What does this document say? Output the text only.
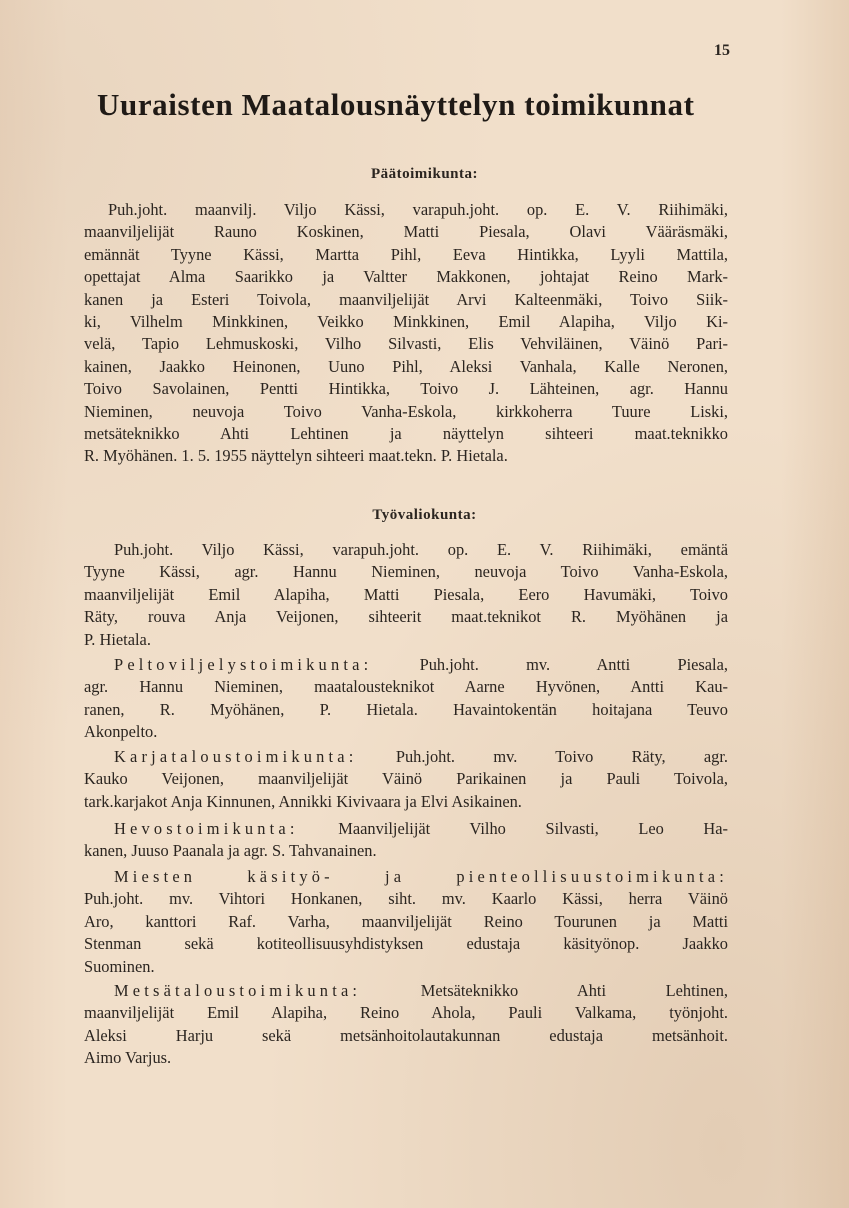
15
Uuraisten Maatalousnäyttelyn toimikunnat
Päätoimikunta:
Puh.joht. maanvilj. Viljo Kässi, varapuh.joht. op. E. V. Riihimäki,
maanviljelijät Rauno Koskinen, Matti Piesala, Olavi Vääräsmäki,
emännät Tyyne Kässi, Martta Pihl, Eeva Hintikka, Lyyli Mattila,
opettajat Alma Saarikko ja Valtter Makkonen, johtajat Reino Mark-
kanen ja Esteri Toivola, maanviljelijät Arvi Kalteenmäki, Toivo Siik-
ki, Vilhelm Minkkinen, Veikko Minkkinen, Emil Alapiha, Viljo Ki-
velä, Tapio Lehmuskoski, Vilho Silvasti, Elis Vehviläinen, Väinö Pari-
kainen, Jaakko Heinonen, Uuno Pihl, Aleksi Vanhala, Kalle Neronen,
Toivo Savolainen, Pentti Hintikka, Toivo J. Lähteinen, agr. Hannu
Nieminen, neuvoja Toivo Vanha-Eskola, kirkkoherra Tuure Liski,
metsäteknikko Ahti Lehtinen ja näyttelyn sihteeri maat.teknikko
R. Myöhänen. 1. 5. 1955 näyttelyn sihteeri maat.tekn. P. Hietala.
Työvaliokunta:
Puh.joht. Viljo Kässi, varapuh.joht. op. E. V. Riihimäki, emäntä
Tyyne Kässi, agr. Hannu Nieminen, neuvoja Toivo Vanha-Eskola,
maanviljelijät Emil Alapiha, Matti Piesala, Eero Havumäki, Toivo
Räty, rouva Anja Veijonen, sihteerit maat.teknikot R. Myöhänen ja
P. Hietala.
Peltoviljelystoimikunta:	Puh.joht. mv. Antti Piesala,
agr. Hannu Nieminen, maatalousteknikot Aarne Hyvönen, Antti Kau-
ranen, R. Myöhänen, P. Hietala. Havaintokentän hoitajana Teuvo
Akonpelto.
Karjataloustoimikunta: Puh.joht. mv. Toivo Räty, agr.
Kauko Veijonen, maanviljelijät Väinö Parikainen ja Pauli Toivola,
tark.karjakot Anja Kinnunen, Annikki Kivivaara ja Elvi Asikainen.
Hevostoimikunta: Maanviljelijät Vilho Silvasti, Leo Ha-
kanen, Juuso Paanala ja agr. S. Tahvanainen.
Miesten käsityö- ja pienteollisuustoimikunta:
Puh.joht. mv. Vihtori Honkanen, siht. mv. Kaarlo Kässi, herra Väinö
Aro, kanttori Raf. Varha, maanviljelijät Reino Tourunen ja Matti
Stenman sekä kotiteollisuusyhdistyksen edustaja käsityönop. Jaakko
Suominen.
Metsätaloustoimikunta:	Metsäteknikko Ahti Lehtinen,
maanviljelijät Emil Alapiha, Reino Ahola, Pauli Valkama, työnjoht.
Aleksi Harju sekä metsänhoitolautakunnan edustaja metsänhoit.
Aimo Varjus.
